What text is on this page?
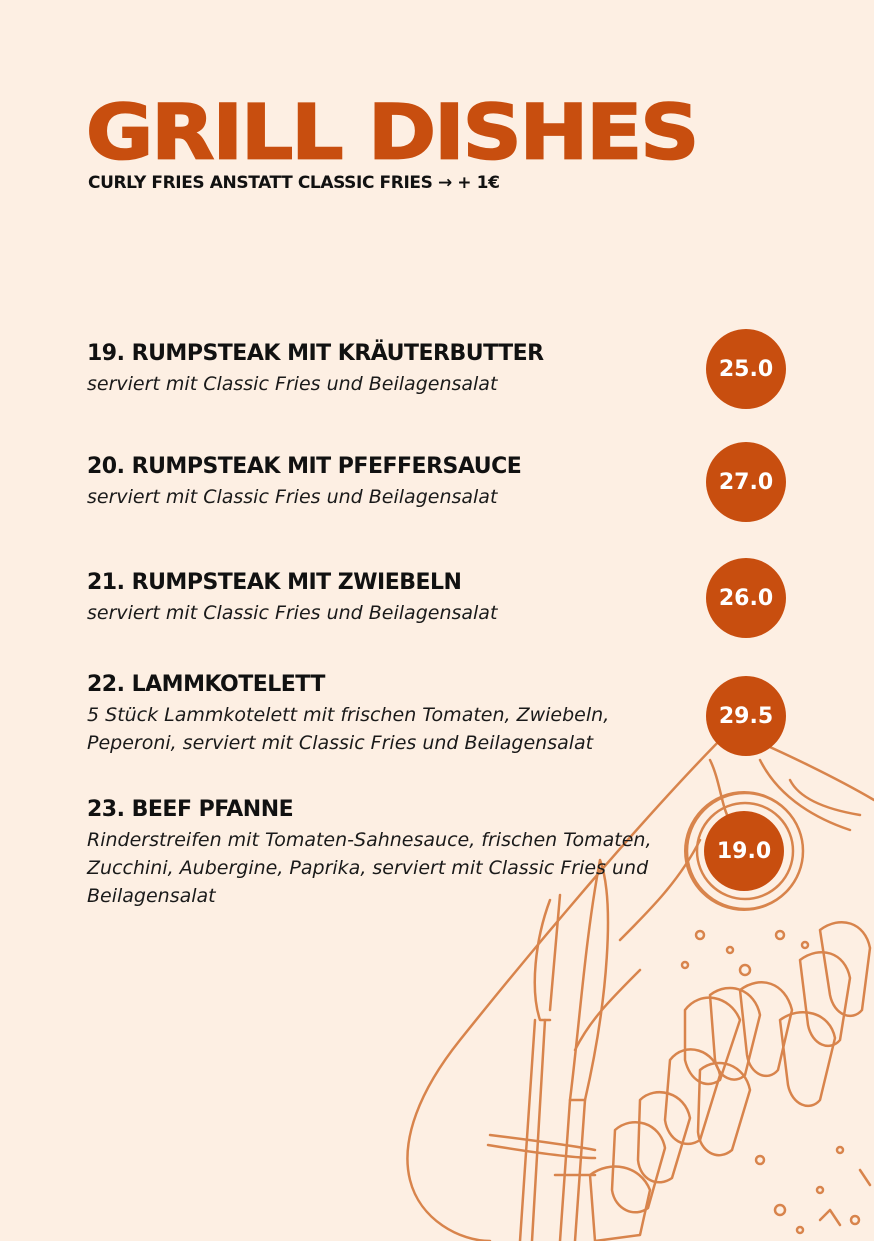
GRILL DISHES
CURLY FRIES ANSTATT CLASSIC FRIES → + 1€
19. RUMPSTEAK MIT KRÄUTERBUTTER
serviert mit Classic Fries und Beilagensalat
25.0
20. RUMPSTEAK MIT PFEFFERSAUCE
serviert mit Classic Fries und Beilagensalat
27.0
21. RUMPSTEAK MIT ZWIEBELN
serviert mit Classic Fries und Beilagensalat
26.0
22. LAMMKOTELETT
5 Stück Lammkotelett mit frischen Tomaten, Zwiebeln, Peperoni, serviert mit Classic Fries und Beilagensalat
29.5
23. BEEF PFANNE
Rinderstreifen mit Tomaten-Sahnesauce, frischen Tomaten, Zucchini, Aubergine, Paprika, serviert mit Classic Fries und Beilagensalat
19.0
